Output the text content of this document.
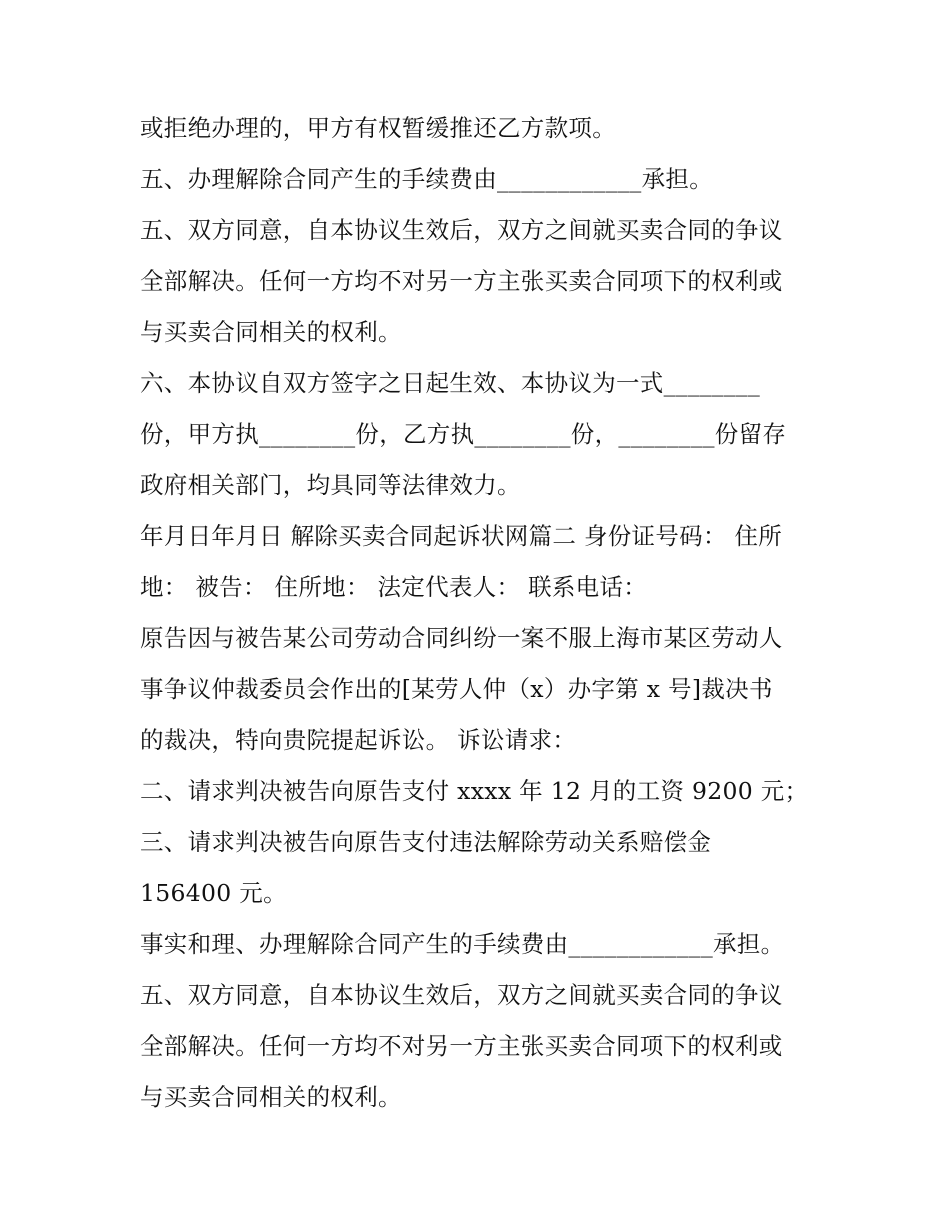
或拒绝办理的，甲方有权暂缓推还乙方款项。
五、办理解除合同产生的手续费由____________承担。
五、双方同意，自本协议生效后，双方之间就买卖合同的争议
全部解决。任何一方均不对另一方主张买卖合同项下的权利或
与买卖合同相关的权利。
六、本协议自双方签字之日起生效、本协议为一式________
份，甲方执________份，乙方执________份，________份留存
政府相关部门，均具同等法律效力。
年月日年月日 解除买卖合同起诉状网篇二 身份证号码： 住所
地： 被告： 住所地： 法定代表人： 联系电话：
原告因与被告某公司劳动合同纠纷一案不服上海市某区劳动人
事争议仲裁委员会作出的[某劳人仲（x）办字第 x 号]裁决书
的裁决，特向贵院提起诉讼。 诉讼请求：
二、请求判决被告向原告支付 xxxx 年 12 月的工资 9200 元；
三、请求判决被告向原告支付违法解除劳动关系赔偿金
156400 元。
事实和理、办理解除合同产生的手续费由____________承担。
五、双方同意，自本协议生效后，双方之间就买卖合同的争议
全部解决。任何一方均不对另一方主张买卖合同项下的权利或
与买卖合同相关的权利。
